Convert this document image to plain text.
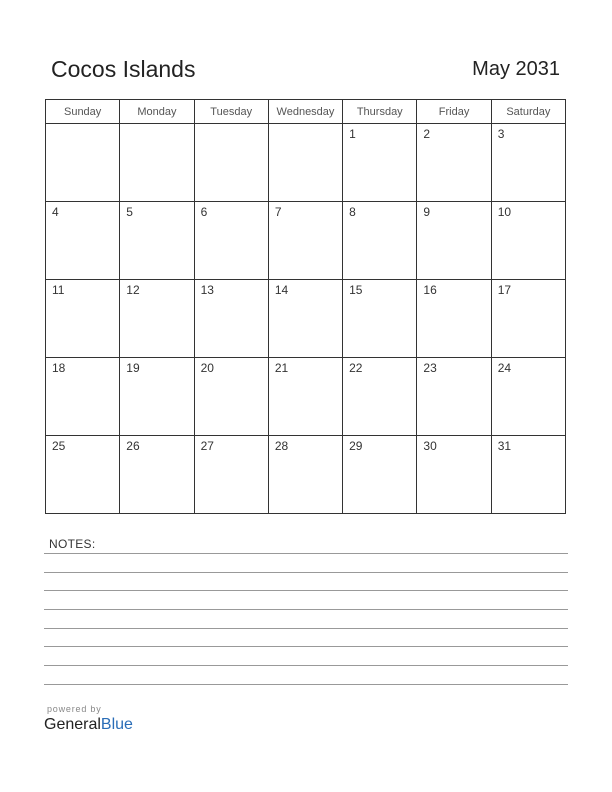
Cocos Islands	May 2031
Sunday	Monday	Tuesday	Wednesday	Thursday	Friday	Saturday
				1	2	3
4	5	6	7	8	9	10
11	12	13	14	15	16	17
18	19	20	21	22	23	24
25	26	27	28	29	30	31
NOTES:
powered by
GeneralBlue
